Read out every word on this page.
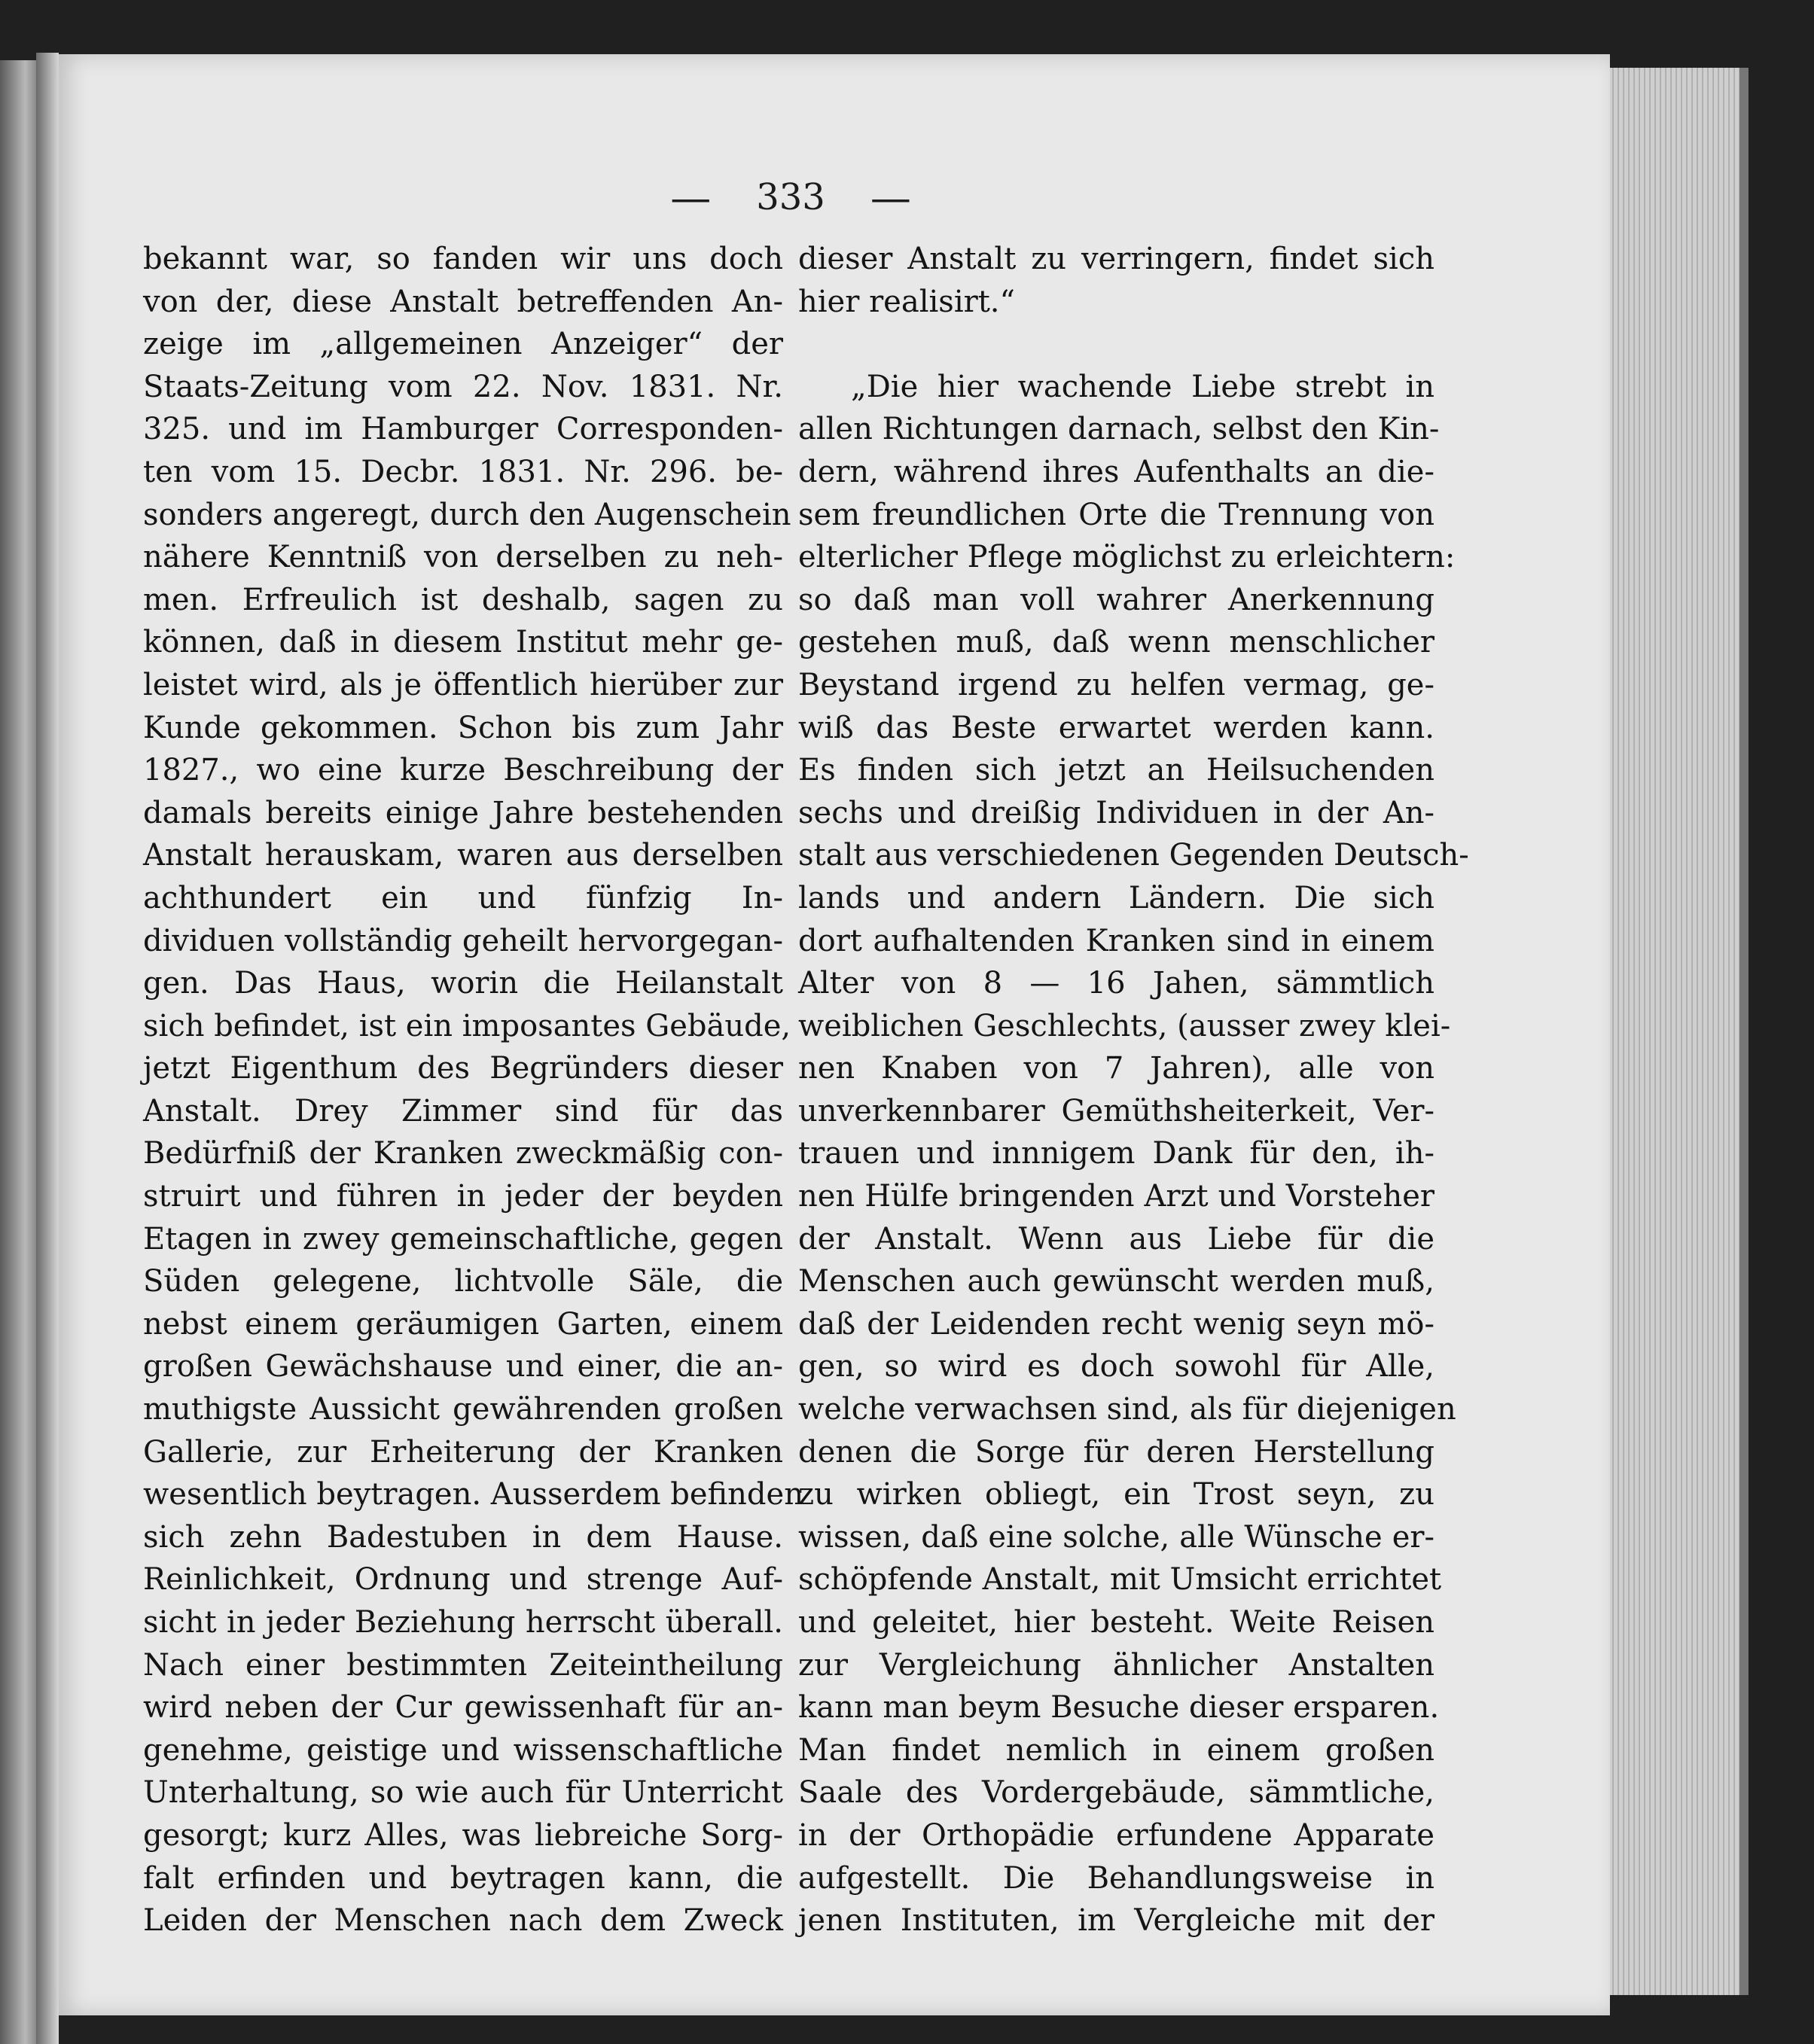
— 333 —
bekannt war, so fanden wir uns doch
von der, diese Anstalt betreffenden An-
zeige im „allgemeinen Anzeiger“ der
Staats-Zeitung vom 22. Nov. 1831. Nr.
325. und im Hamburger Corresponden-
ten vom 15. Decbr. 1831. Nr. 296. be-
sonders angeregt, durch den Augenschein
nähere Kenntniß von derselben zu neh-
men. Erfreulich ist deshalb, sagen zu
können, daß in diesem Institut mehr ge-
leistet wird, als je öffentlich hierüber zur
Kunde gekommen. Schon bis zum Jahr
1827., wo eine kurze Beschreibung der
damals bereits einige Jahre bestehenden
Anstalt herauskam, waren aus derselben
achthundert ein und fünfzig In-
dividuen vollständig geheilt hervorgegan-
gen. Das Haus, worin die Heilanstalt
sich befindet, ist ein imposantes Gebäude,
jetzt Eigenthum des Begründers dieser
Anstalt. Drey Zimmer sind für das
Bedürfniß der Kranken zweckmäßig con-
struirt und führen in jeder der beyden
Etagen in zwey gemeinschaftliche, gegen
Süden gelegene, lichtvolle Säle, die
nebst einem geräumigen Garten, einem
großen Gewächshause und einer, die an-
muthigste Aussicht gewährenden großen
Gallerie, zur Erheiterung der Kranken
wesentlich beytragen. Ausserdem befinden
sich zehn Badestuben in dem Hause.
Reinlichkeit, Ordnung und strenge Auf-
sicht in jeder Beziehung herrscht überall.
Nach einer bestimmten Zeiteintheilung
wird neben der Cur gewissenhaft für an-
genehme, geistige und wissenschaftliche
Unterhaltung, so wie auch für Unterricht
gesorgt; kurz Alles, was liebreiche Sorg-
falt erfinden und beytragen kann, die
Leiden der Menschen nach dem Zweck
dieser Anstalt zu verringern, findet sich
hier realisirt.“
„Die hier wachende Liebe strebt in
allen Richtungen darnach, selbst den Kin-
dern, während ihres Aufenthalts an die-
sem freundlichen Orte die Trennung von
elterlicher Pflege möglichst zu erleichtern:
so daß man voll wahrer Anerkennung
gestehen muß, daß wenn menschlicher
Beystand irgend zu helfen vermag, ge-
wiß das Beste erwartet werden kann.
Es finden sich jetzt an Heilsuchenden
sechs und dreißig Individuen in der An-
stalt aus verschiedenen Gegenden Deutsch-
lands und andern Ländern. Die sich
dort aufhaltenden Kranken sind in einem
Alter von 8 — 16 Jahen, sämmtlich
weiblichen Geschlechts, (ausser zwey klei-
nen Knaben von 7 Jahren), alle von
unverkennbarer Gemüthsheiterkeit, Ver-
trauen und innnigem Dank für den, ih-
nen Hülfe bringenden Arzt und Vorsteher
der Anstalt. Wenn aus Liebe für die
Menschen auch gewünscht werden muß,
daß der Leidenden recht wenig seyn mö-
gen, so wird es doch sowohl für Alle,
welche verwachsen sind, als für diejenigen
denen die Sorge für deren Herstellung
zu wirken obliegt, ein Trost seyn, zu
wissen, daß eine solche, alle Wünsche er-
schöpfende Anstalt, mit Umsicht errichtet
und geleitet, hier besteht. Weite Reisen
zur Vergleichung ähnlicher Anstalten
kann man beym Besuche dieser ersparen.
Man findet nemlich in einem großen
Saale des Vordergebäude, sämmtliche,
in der Orthopädie erfundene Apparate
aufgestellt. Die Behandlungsweise in
jenen Instituten, im Vergleiche mit der
